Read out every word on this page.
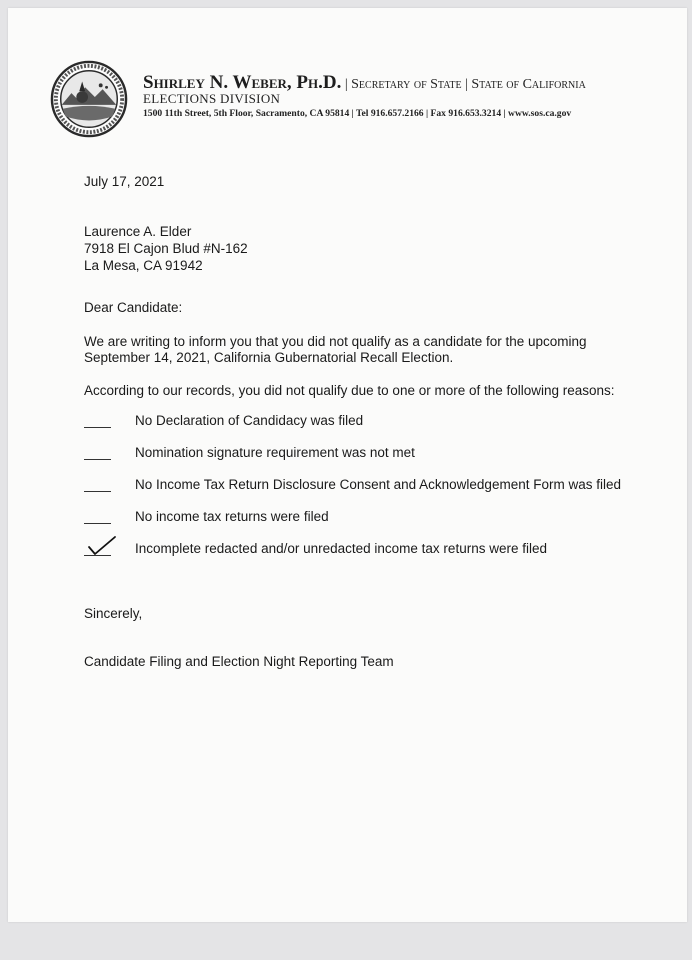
Shirley N. Weber, Ph.D. | Secretary of State | State of California
ELECTIONS DIVISION
1500 11th Street, 5th Floor, Sacramento, CA 95814 | Tel 916.657.2166 | Fax 916.653.3214 | www.sos.ca.gov
July 17, 2021
Laurence A. Elder
7918 El Cajon Blud #N-162
La Mesa, CA 91942
Dear Candidate:
We are writing to inform you that you did not qualify as a candidate for the upcoming
September 14, 2021, California Gubernatorial Recall Election.
According to our records, you did not qualify due to one or more of the following reasons:
No Declaration of Candidacy was filed
Nomination signature requirement was not met
No Income Tax Return Disclosure Consent and Acknowledgement Form was filed
No income tax returns were filed
Incomplete redacted and/or unredacted income tax returns were filed
Sincerely,
Candidate Filing and Election Night Reporting Team
